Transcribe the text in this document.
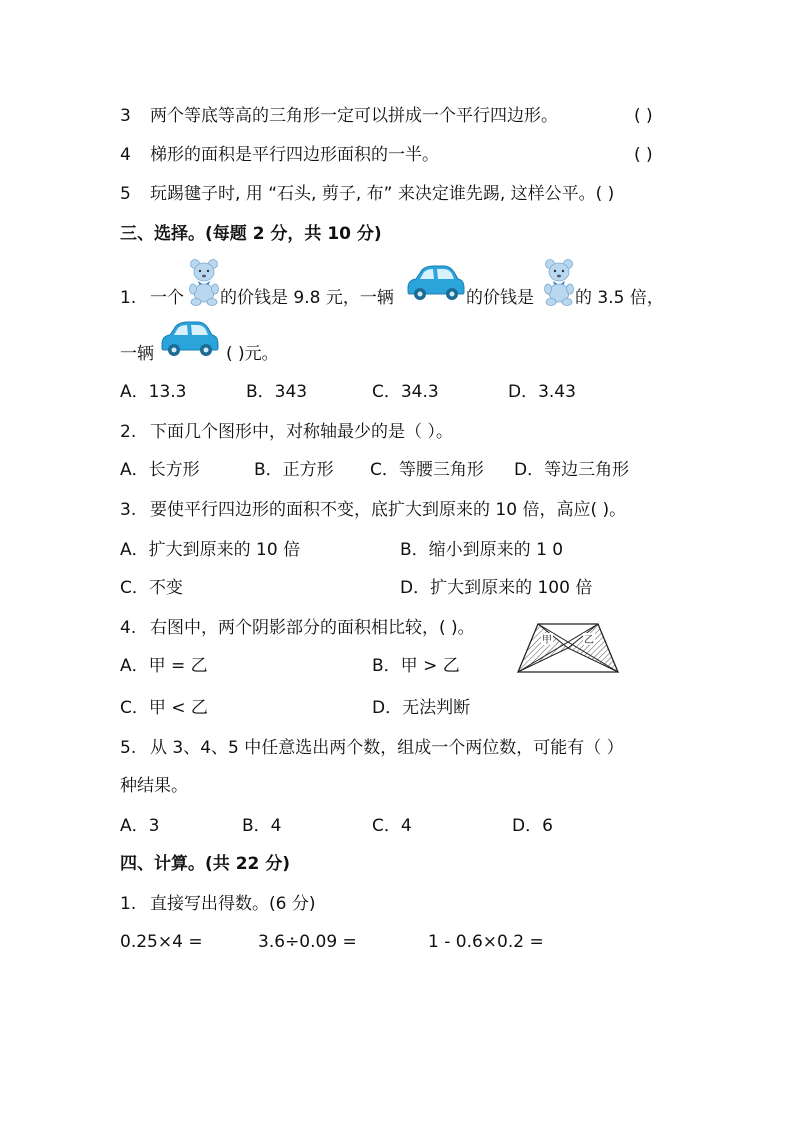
3 两个等底等高的三角形一定可以拼成一个平行四边形。	( )
4 梯形的面积是平行四边形面积的一半。	( )
5 玩踢毽子时, 用 “石头, 剪子, 布” 来决定谁先踢, 这样公平。( )
三、选择。(每题 2 分，共 10 分)
1. 一个 的价钱是 9.8 元，一辆	的价钱是 的 3.5 倍，
一辆	( )元。
A．13.3	B．343	C．34.3	D．3.43
2. 下面几个图形中，对称轴最少的是（ ）。
A．长方形	B．正方形 C．等腰三角形 D．等边三角形
3. 要使平行四边形的面积不变，底扩大到原来的 10 倍，高应( )。
A．扩大到原来的 10 倍	B．缩小到原来的 1 0
C．不变	D．扩大到原来的 100 倍
4. 右图中，两个阴影部分的面积相比较，( )。
A．甲 = 乙	B．甲 > 乙
C．甲 < 乙	D．无法判断
甲	乙
5. 从 3、4、5 中任意选出两个数，组成一个两位数，可能有（ ）
种结果。
A．3	B．4	C．4	D．6
四、计算。(共 22 分)
1. 直接写出得数。(6 分)
0.25×4 =	3.6÷0.09 =	1 - 0.6×0.2 =
